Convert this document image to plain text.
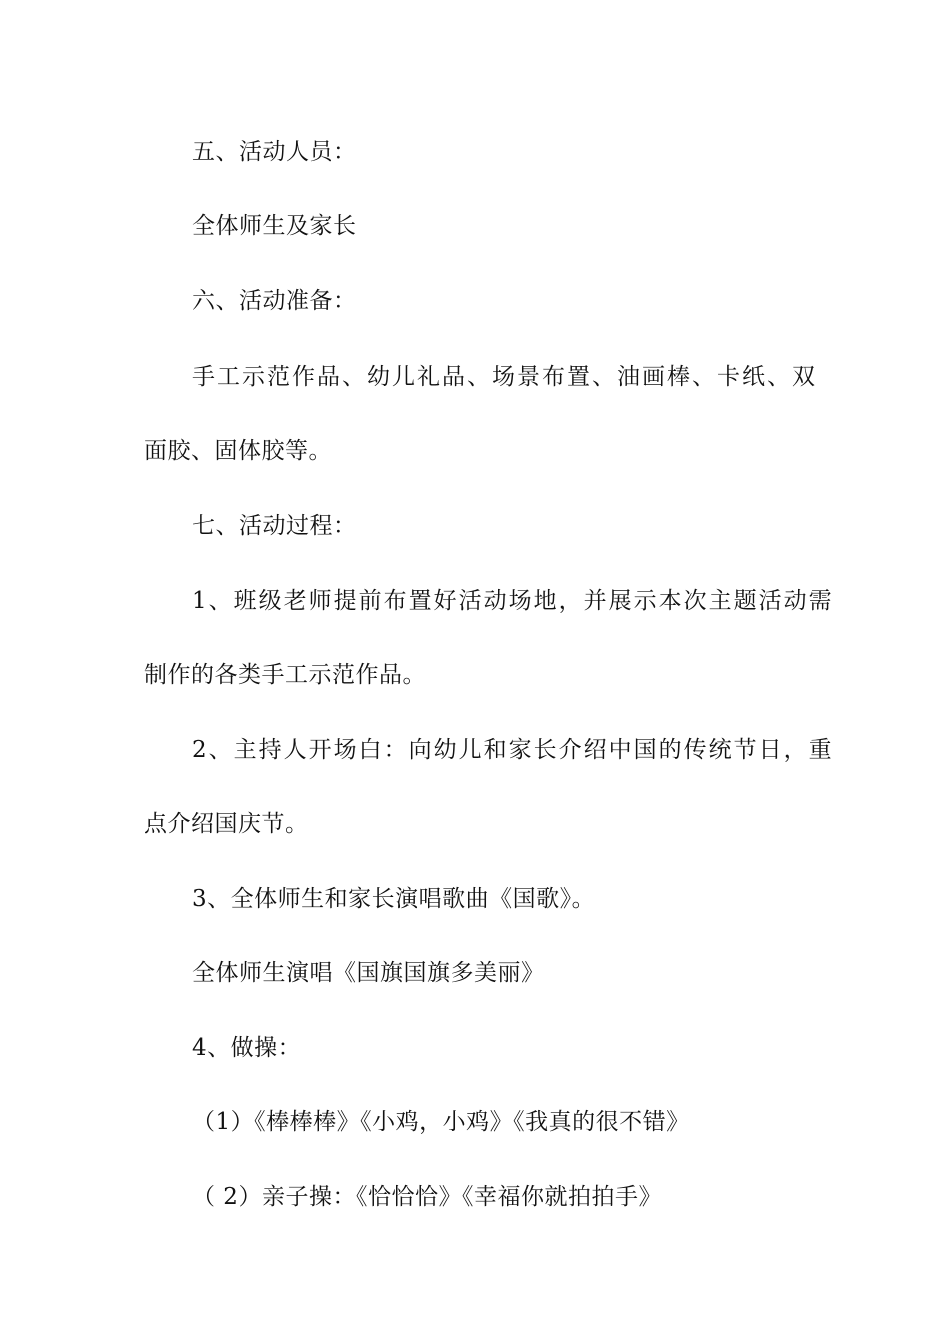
五、活动人员：
全体师生及家长
六、活动准备：
手工示范作品、幼儿礼品、场景布置、油画棒、卡纸、双
面胶、固体胶等。
七、活动过程：
1、班级老师提前布置好活动场地，并展示本次主题活动需
制作的各类手工示范作品。
2、主持人开场白：向幼儿和家长介绍中国的传统节日，重
点介绍国庆节。
3、全体师生和家长演唱歌曲《国歌》。
全体师生演唱《国旗国旗多美丽》
4、做操：
（1）《棒棒棒》《小鸡，小鸡》《我真的很不错》
（ 2）亲子操：《恰恰恰》《幸福你就拍拍手》
